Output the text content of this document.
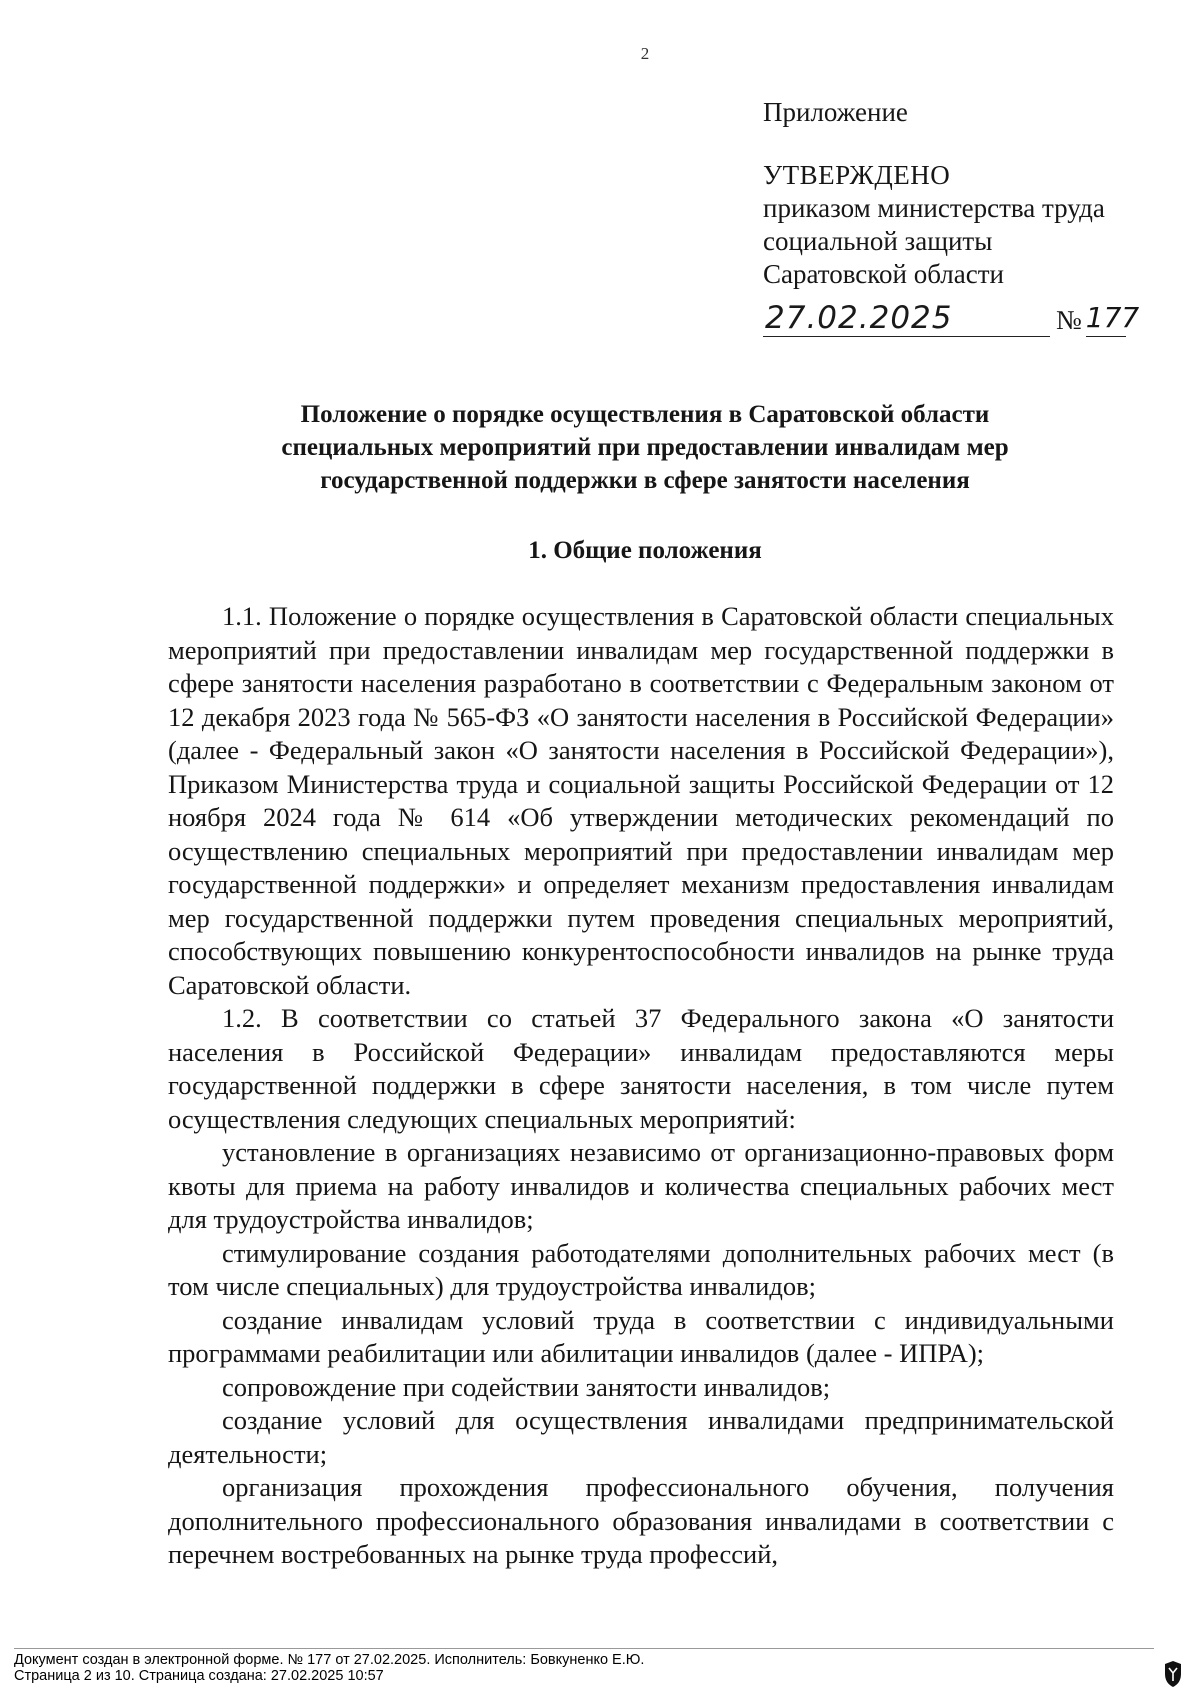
2
Приложение
УТВЕРЖДЕНО
приказом министерства труда
социальной защиты
Саратовской области
27.02.2025	№ 177
Положение о порядке осуществления в Саратовской области
специальных мероприятий при предоставлении инвалидам мер
государственной поддержки в сфере занятости населения
1. Общие положения

1.1. Положение о порядке осуществления в Саратовской области специальных мероприятий при предоставлении инвалидам мер государственной поддержки в сфере занятости населения разработано в соответствии с Федеральным законом от 12 декабря 2023 года № 565-ФЗ «О занятости населения в Российской Федерации» (далее - Федеральный закон «О занятости населения в Российской Федерации»), Приказом Министерства труда и социальной защиты Российской Федерации от 12 ноября 2024 года № 614 «Об утверждении методических рекомендаций по осуществлению специальных мероприятий при предоставлении инвалидам мер государственной поддержки» и определяет механизм предоставления инвалидам мер государственной поддержки путем проведения специальных мероприятий, способствующих повышению конкурентоспособности инвалидов на рынке труда Саратовской области.

1.2. В соответствии со статьей 37 Федерального закона «О занятости населения в Российской Федерации» инвалидам предоставляются меры государственной поддержки в сфере занятости населения, в том числе путем осуществления следующих специальных мероприятий:

установление в организациях независимо от организационно-правовых форм квоты для приема на работу инвалидов и количества специальных рабочих мест для трудоустройства инвалидов;

стимулирование создания работодателями дополнительных рабочих мест (в том числе специальных) для трудоустройства инвалидов;

создание инвалидам условий труда в соответствии с индивидуальными программами реабилитации или абилитации инвалидов (далее - ИПРА);

сопровождение при содействии занятости инвалидов;

создание условий для осуществления инвалидами предпринимательской деятельности;

организация прохождения профессионального обучения, получения дополнительного профессионального образования инвалидами в соответствии с перечнем востребованных на рынке труда профессий,

Документ создан в электронной форме. № 177 от 27.02.2025. Исполнитель: Бовкуненко Е.Ю.
Страница 2 из 10. Страница создана: 27.02.2025 10:57
